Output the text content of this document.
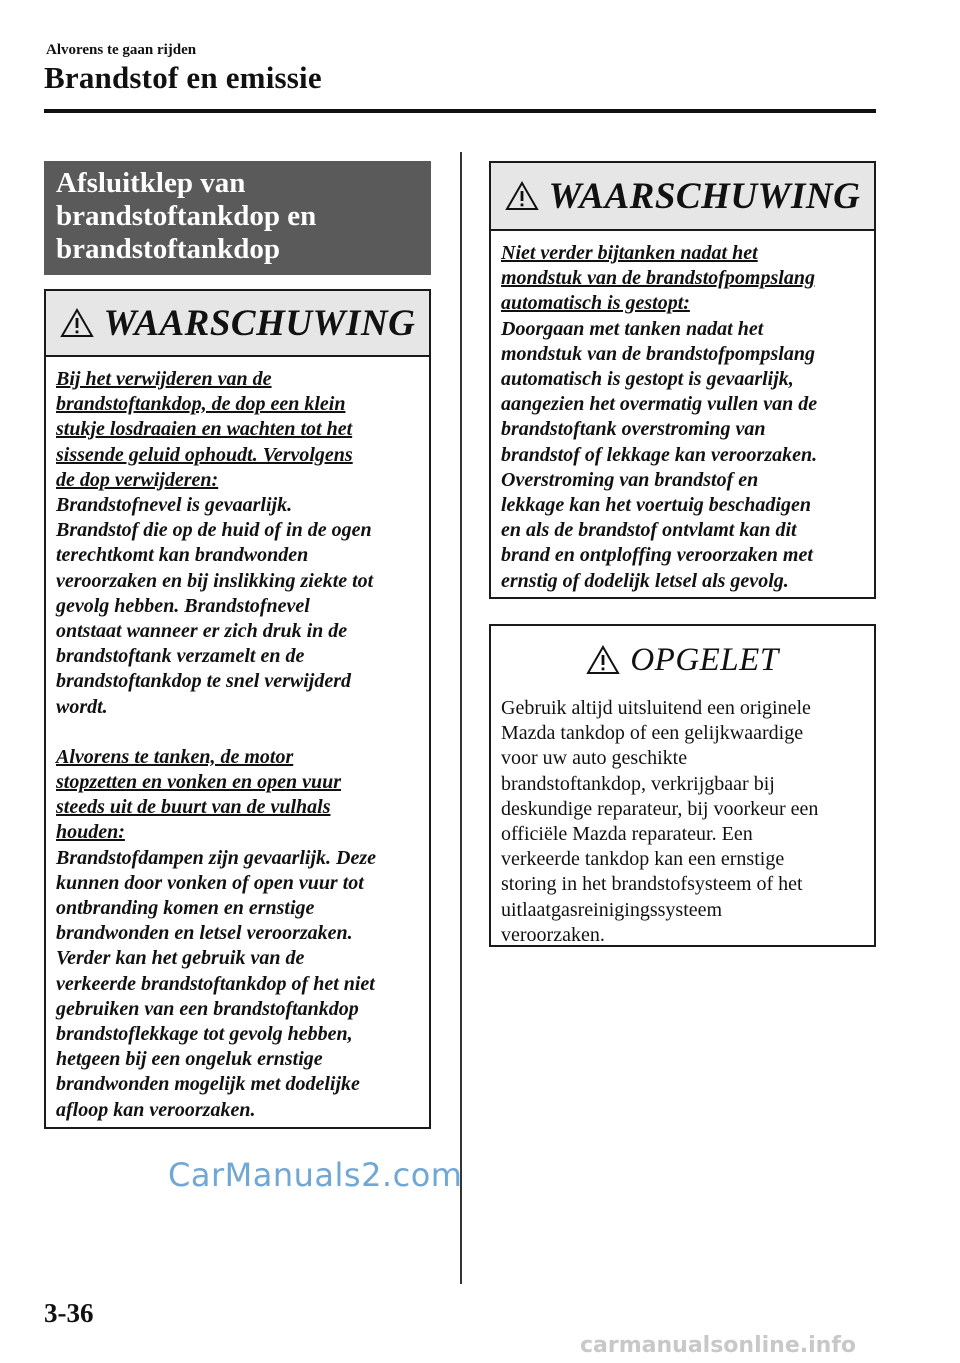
Alvorens te gaan rijden
Brandstof en emissie
Afsluitklep van
brandstoftankdop en
brandstoftankdop
WAARSCHUWING
Bij het verwijderen van de
brandstoftankdop, de dop een klein
stukje losdraaien en wachten tot het
sissende geluid ophoudt. Vervolgens
de dop verwijderen:
Brandstofnevel is gevaarlijk.
Brandstof die op de huid of in de ogen
terechtkomt kan brandwonden
veroorzaken en bij inslikking ziekte tot
gevolg hebben. Brandstofnevel
ontstaat wanneer er zich druk in de
brandstoftank verzamelt en de
brandstoftankdop te snel verwijderd
wordt.
Alvorens te tanken, de motor
stopzetten en vonken en open vuur
steeds uit de buurt van de vulhals
houden:
Brandstofdampen zijn gevaarlijk. Deze
kunnen door vonken of open vuur tot
ontbranding komen en ernstige
brandwonden en letsel veroorzaken.
Verder kan het gebruik van de
verkeerde brandstoftankdop of het niet
gebruiken van een brandstoftankdop
brandstoflekkage tot gevolg hebben,
hetgeen bij een ongeluk ernstige
brandwonden mogelijk met dodelijke
afloop kan veroorzaken.
WAARSCHUWING
Niet verder bijtanken nadat het
mondstuk van de brandstofpompslang
automatisch is gestopt:
Doorgaan met tanken nadat het
mondstuk van de brandstofpompslang
automatisch is gestopt is gevaarlijk,
aangezien het overmatig vullen van de
brandstoftank overstroming van
brandstof of lekkage kan veroorzaken.
Overstroming van brandstof en
lekkage kan het voertuig beschadigen
en als de brandstof ontvlamt kan dit
brand en ontploffing veroorzaken met
ernstig of dodelijk letsel als gevolg.
OPGELET
Gebruik altijd uitsluitend een originele
Mazda tankdop of een gelijkwaardige
voor uw auto geschikte
brandstoftankdop, verkrijgbaar bij
deskundige reparateur, bij voorkeur een
officiële Mazda reparateur. Een
verkeerde tankdop kan een ernstige
storing in het brandstofsysteem of het
uitlaatgasreinigingssysteem
veroorzaken.
CarManuals2.com
3-36
carmanualsonline.info
